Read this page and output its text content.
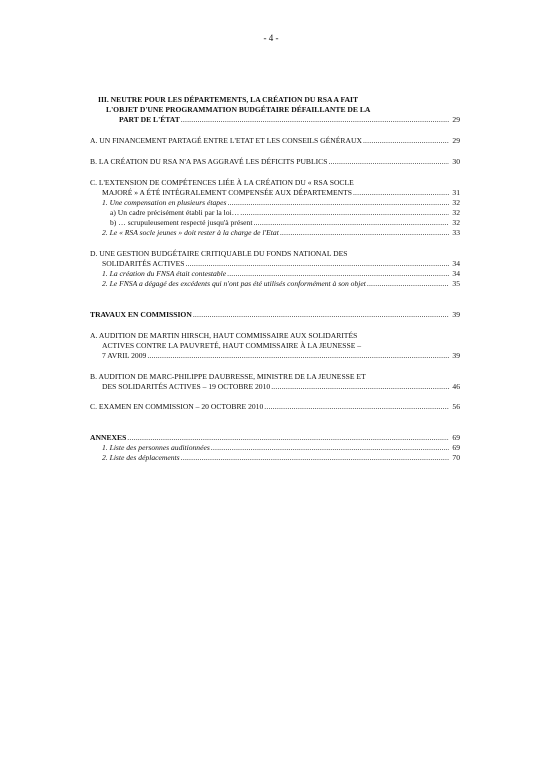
- 4 -
III. NEUTRE POUR LES DÉPARTEMENTS, LA CRÉATION DU RSA A FAIT
L'OBJET D'UNE PROGRAMMATION BUDGÉTAIRE DÉFAILLANTE DE LA
PART DE L'ÉTAT .....	29
A. UN FINANCEMENT PARTAGÉ ENTRE L'ETAT ET LES CONSEILS GÉNÉRAUX .....	29
B. LA CRÉATION DU RSA N'A PAS AGGRAVÉ LES DÉFICITS PUBLICS .....	30
C. L'EXTENSION DE COMPÉTENCES LIÉE À LA CRÉATION DU « RSA SOCLE
MAJORÉ » A ÉTÉ INTÉGRALEMENT COMPENSÉE AUX DÉPARTEMENTS .....	31
1. Une compensation en plusieurs étapes .....	32
a) Un cadre précisément établi par la loi… .....	32
b) … scrupuleusement respecté jusqu'à présent .....	32
2. Le « RSA socle jeunes » doit rester à la charge de l'Etat .....	33
D. UNE GESTION BUDGÉTAIRE CRITIQUABLE DU FONDS NATIONAL DES
SOLIDARITÉS ACTIVES .....	34
1. La création du FNSA était contestable .....	34
2. Le FNSA a dégagé des excédents qui n'ont pas été utilisés conformément à son objet .....	35
TRAVAUX EN COMMISSION .....	39
A. AUDITION DE MARTIN HIRSCH, HAUT COMMISSAIRE AUX SOLIDARITÉS
ACTIVES CONTRE LA PAUVRETÉ, HAUT COMMISSAIRE À LA JEUNESSE –
7 AVRIL 2009 .....	39
B. AUDITION DE MARC-PHILIPPE DAUBRESSE, MINISTRE DE LA JEUNESSE ET
DES SOLIDARITÉS ACTIVES – 19 OCTOBRE 2010 .....	46
C. EXAMEN EN COMMISSION – 20 OCTOBRE 2010 .....	56
ANNEXES .....	69
1. Liste des personnes auditionnées .....	69
2. Liste des déplacements .....	70
